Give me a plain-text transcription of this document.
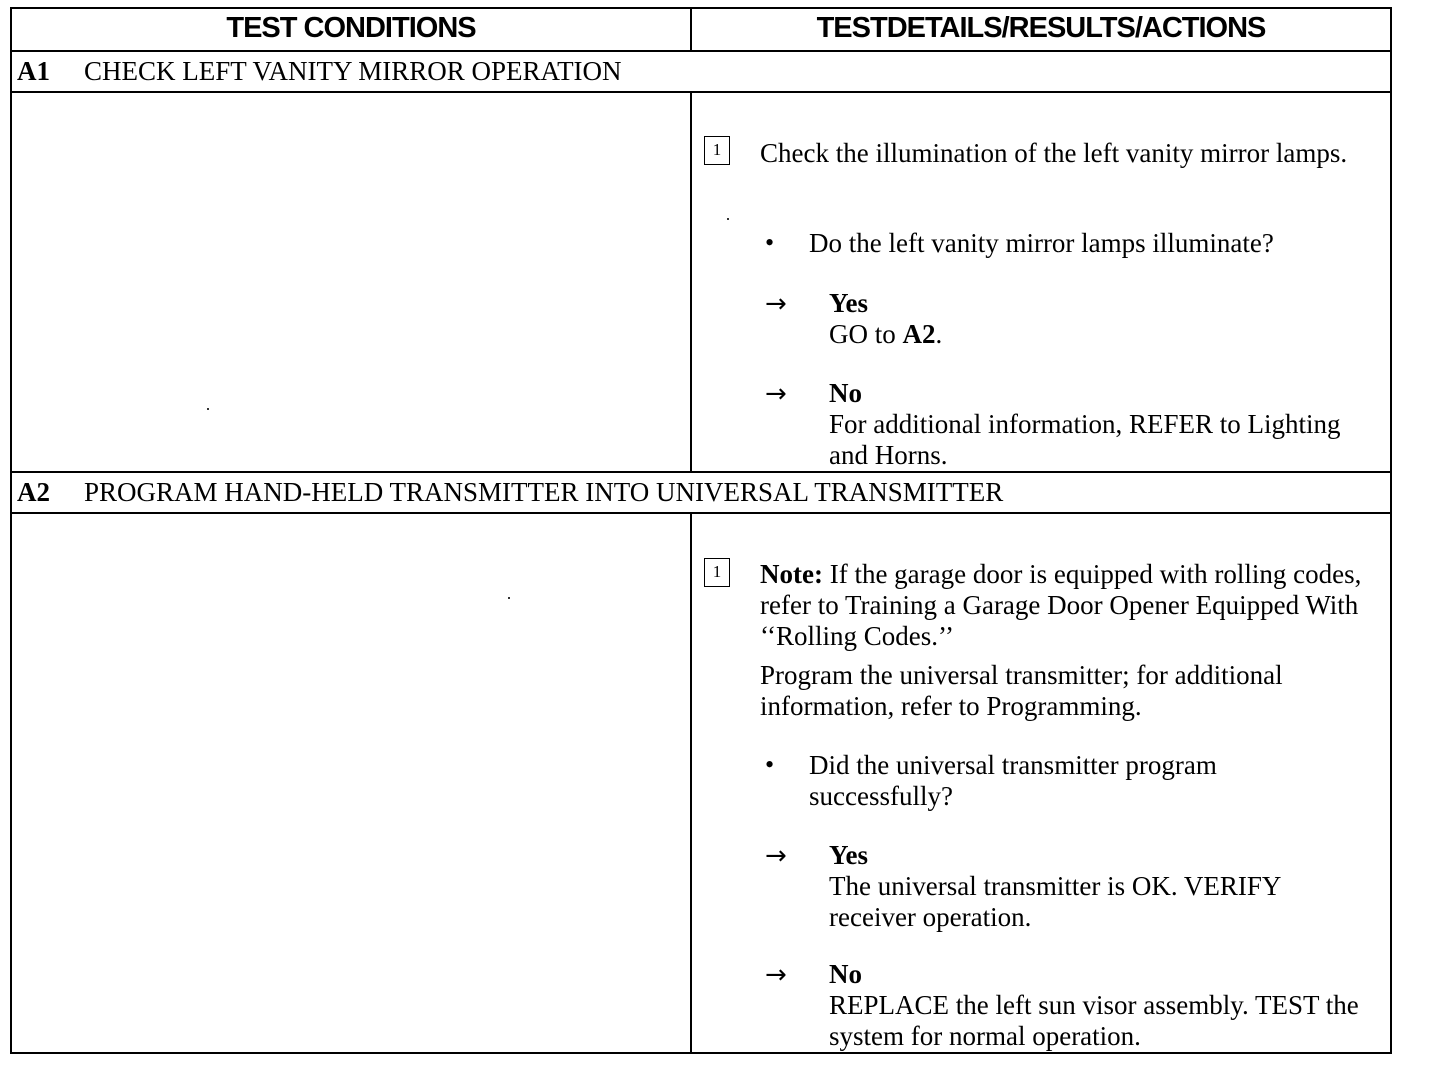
TEST CONDITIONS	TESTDETAILS/RESULTS/ACTIONS
A1 CHECK LEFT VANITY MIRROR OPERATION
1	Check the illumination of the left vanity mirror lamps.
• Do the left vanity mirror lamps illuminate?
→ Yes
GO to A2.
→ No
For additional information, REFER to Lighting and Horns.
A2 PROGRAM HAND-HELD TRANSMITTER INTO UNIVERSAL TRANSMITTER
1	Note: If the garage door is equipped with rolling codes, refer to Training a Garage Door Opener Equipped With ‘‘Rolling Codes.’’
Program the universal transmitter; for additional information, refer to Programming.
• Did the universal transmitter program successfully?
→ Yes
The universal transmitter is OK. VERIFY receiver operation.
→ No
REPLACE the left sun visor assembly. TEST the system for normal operation.
